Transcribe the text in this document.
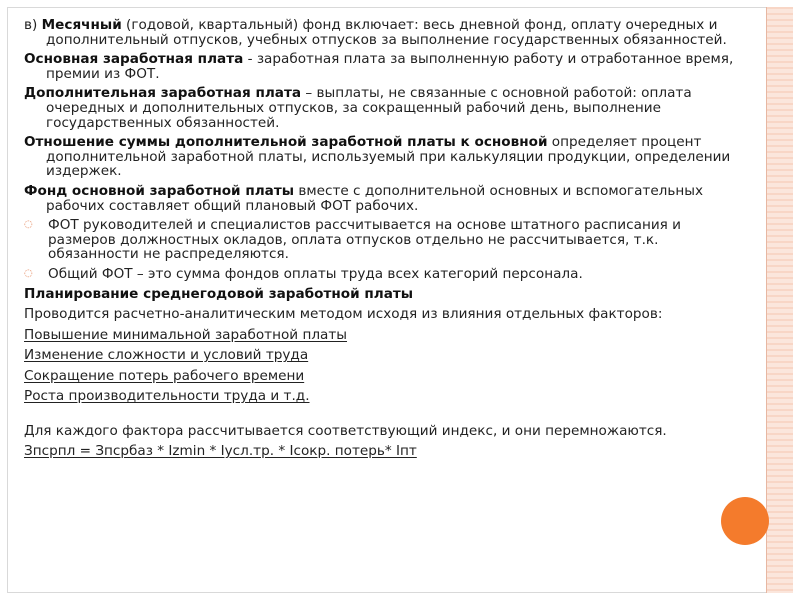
в) Месячный (годовой, квартальный) фонд включает: весь дневной фонд, оплату очередных и дополнительный отпусков, учебных отпусков за выполнение государственных обязанностей.

Основная заработная плата - заработная плата за выполненную работу и отработанное время, премии из ФОТ.

Дополнительная заработная плата – выплаты, не связанные с основной работой: оплата очередных и дополнительных отпусков, за сокращенный рабочий день, выполнение государственных обязанностей.

Отношение суммы дополнительной заработной платы к основной определяет процент дополнительной заработной платы, используемый при калькуляции продукции, определении издержек.

Фонд основной заработной платы вместе с дополнительной основных и вспомогательных рабочих составляет общий плановый ФОТ рабочих.

◌ ФОТ руководителей и специалистов рассчитывается на основе штатного расписания и размеров должностных окладов, оплата отпусков отдельно не рассчитывается, т.к. обязанности не распределяются.
◌ Общий ФОТ – это сумма фондов оплаты труда всех категорий персонала.

Планирование среднегодовой заработной платы

Проводится расчетно-аналитическим методом исходя из влияния отдельных факторов:

Повышение минимальной заработной платы

Изменение сложности и условий труда

Сокращение потерь рабочего времени

Роста производительности труда и т.д.

Для каждого фактора рассчитывается соответствующий индекс, и они перемножаются.

Зпсрпл = Зпсрбаз * Іzmin * Іусл.тр. * Ісокр. потерь* Іпт
